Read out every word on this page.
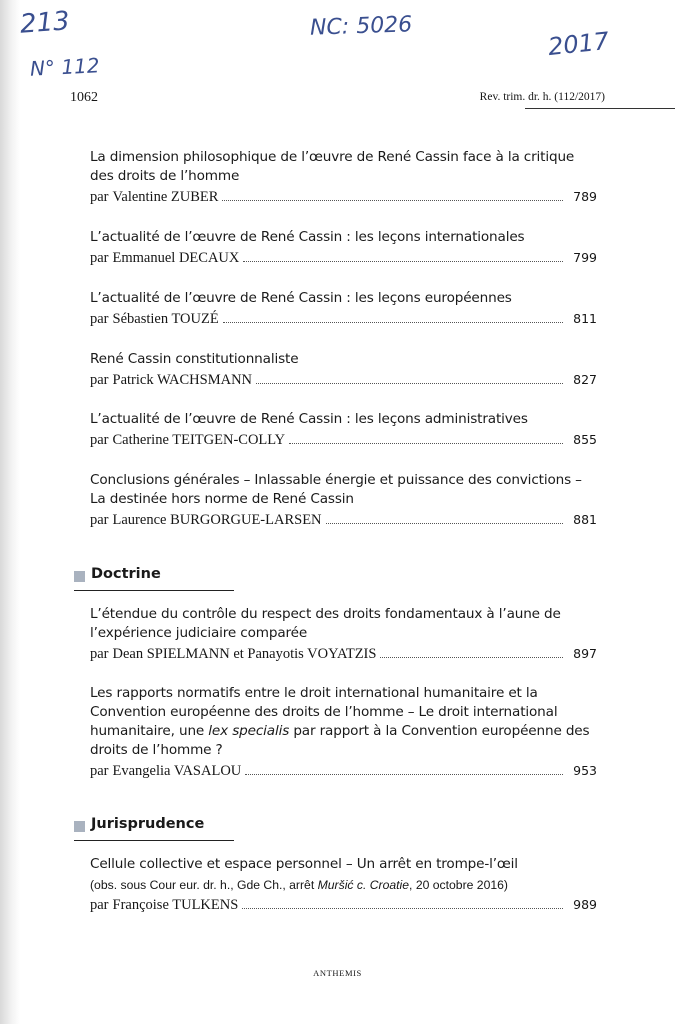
213
N° 112
NC: 5026
2017
1062	Rev. trim. dr. h. (112/2017)
La dimension philosophique de l’œuvre de René Cassin face à la critique des droits de l’homme
par Valentine ZUBER	789
L’actualité de l’œuvre de René Cassin : les leçons internationales
par Emmanuel DECAUX	799
L’actualité de l’œuvre de René Cassin : les leçons européennes
par Sébastien TOUZÉ	811
René Cassin constitutionnaliste
par Patrick WACHSMANN	827
L’actualité de l’œuvre de René Cassin : les leçons administratives
par Catherine TEITGEN-COLLY	855
Conclusions générales – Inlassable énergie et puissance des convictions – La destinée hors norme de René Cassin
par Laurence BURGORGUE-LARSEN	881
Doctrine
L’étendue du contrôle du respect des droits fondamentaux à l’aune de l’expérience judiciaire comparée
par Dean SPIELMANN et Panayotis VOYATZIS	897
Les rapports normatifs entre le droit international humanitaire et la Convention européenne des droits de l’homme – Le droit international humanitaire, une lex specialis par rapport à la Convention européenne des droits de l’homme ?
par Evangelia VASALOU	953
Jurisprudence
Cellule collective et espace personnel – Un arrêt en trompe-l’œil
(obs. sous Cour eur. dr. h., Gde Ch., arrêt Muršić c. Croatie, 20 octobre 2016)
par Françoise TULKENS	989
ANTHEMIS
